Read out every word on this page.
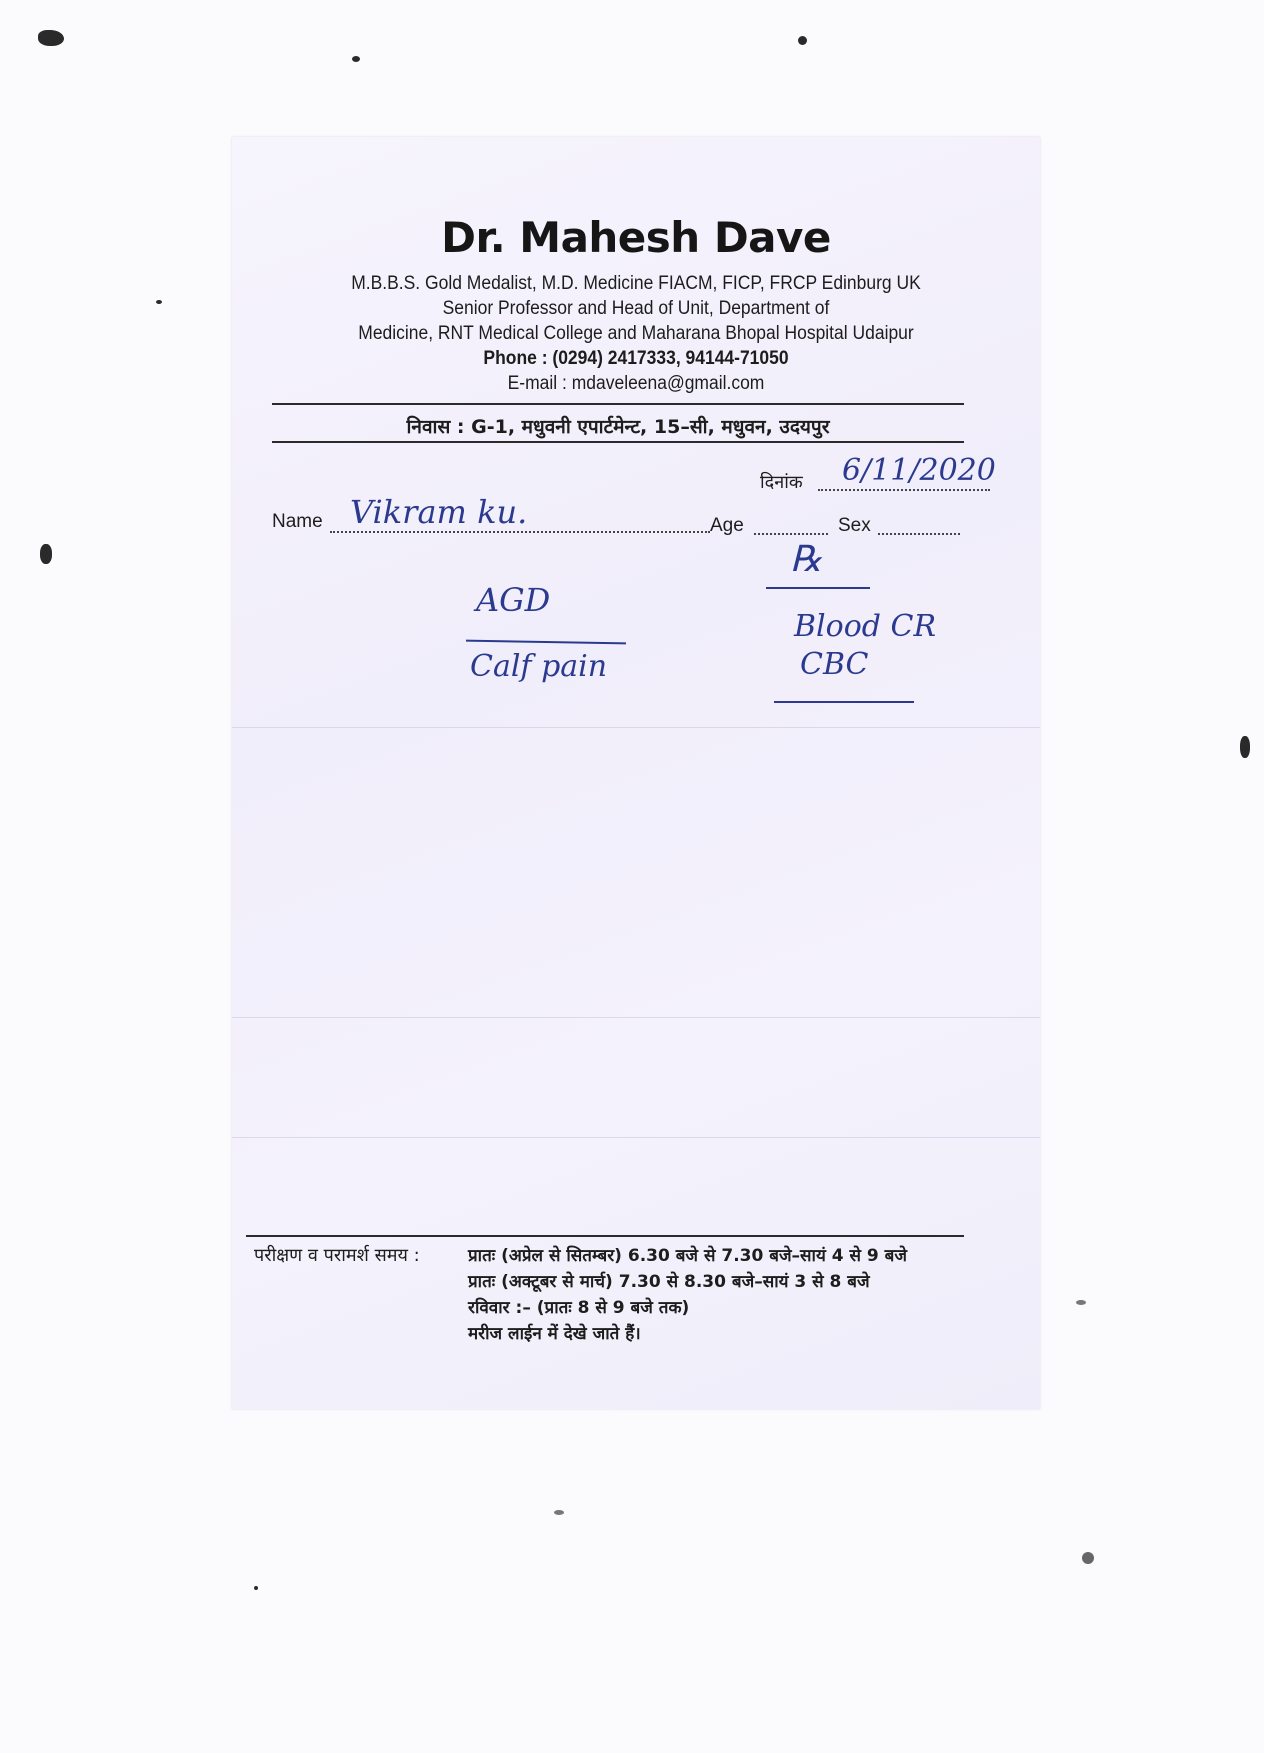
Dr. Mahesh Dave
M.B.B.S. Gold Medalist, M.D. Medicine FIACM, FICP, FRCP Edinburg UK
Senior Professor and Head of Unit, Department of
Medicine, RNT Medical College and Maharana Bhopal Hospital Udaipur
Phone : (0294) 2417333, 94144-71050
E-mail : mdaveleena@gmail.com
निवास : G-1, मधुवनी एपार्टमेन्ट, 15–सी, मधुवन, उदयपुर
दिनांक 6/11/2020
Name Vikram ku.	Age	Sex
℞
AGD
Calf pain
Blood CR
CBC
परीक्षण व परामर्श समय :	प्रातः (अप्रेल से सितम्बर) 6.30 बजे से 7.30 बजे–सायं 4 से 9 बजे
प्रातः (अक्टूबर से मार्च) 7.30 से 8.30 बजे–सायं 3 से 8 बजे
रविवार :– (प्रातः 8 से 9 बजे तक)
मरीज लाईन में देखे जाते हैं।
